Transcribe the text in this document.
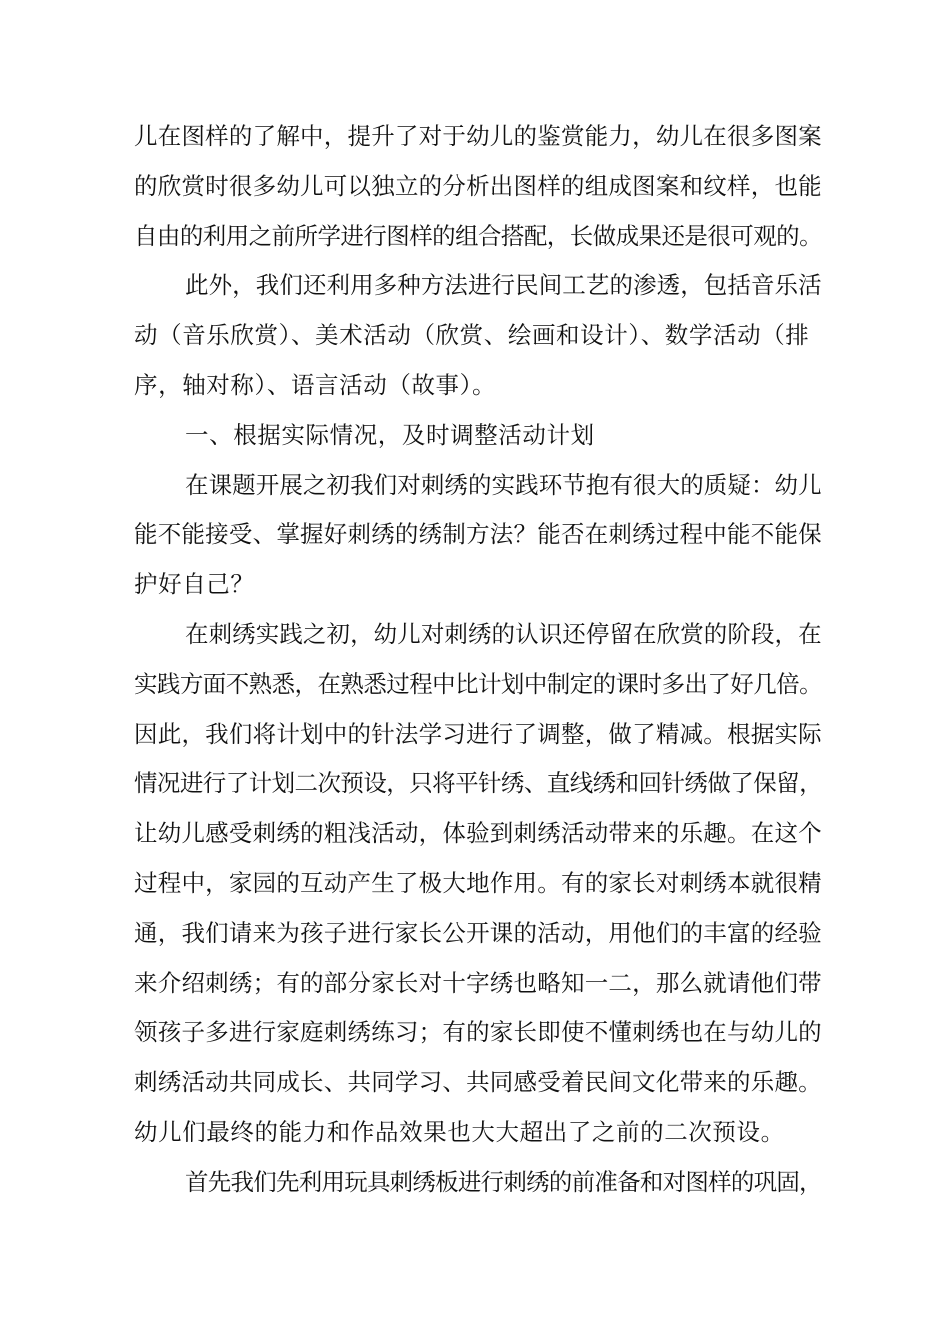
儿在图样的了解中，提升了对于幼儿的鉴赏能力，幼儿在很多图案
的欣赏时很多幼儿可以独立的分析出图样的组成图案和纹样，也能
自由的利用之前所学进行图样的组合搭配，长做成果还是很可观的。
此外，我们还利用多种方法进行民间工艺的渗透，包括音乐活
动（音乐欣赏）、美术活动（欣赏、绘画和设计）、数学活动（排
序，轴对称）、语言活动（故事）。
一、根据实际情况，及时调整活动计划
在课题开展之初我们对刺绣的实践环节抱有很大的质疑：幼儿
能不能接受、掌握好刺绣的绣制方法？能否在刺绣过程中能不能保
护好自己？
在刺绣实践之初，幼儿对刺绣的认识还停留在欣赏的阶段，在
实践方面不熟悉，在熟悉过程中比计划中制定的课时多出了好几倍。
因此，我们将计划中的针法学习进行了调整，做了精减。根据实际
情况进行了计划二次预设，只将平针绣、直线绣和回针绣做了保留，
让幼儿感受刺绣的粗浅活动，体验到刺绣活动带来的乐趣。在这个
过程中，家园的互动产生了极大地作用。有的家长对刺绣本就很精
通，我们请来为孩子进行家长公开课的活动，用他们的丰富的经验
来介绍刺绣；有的部分家长对十字绣也略知一二，那么就请他们带
领孩子多进行家庭刺绣练习；有的家长即使不懂刺绣也在与幼儿的
刺绣活动共同成长、共同学习、共同感受着民间文化带来的乐趣。
幼儿们最终的能力和作品效果也大大超出了之前的二次预设。
首先我们先利用玩具刺绣板进行刺绣的前准备和对图样的巩固，
